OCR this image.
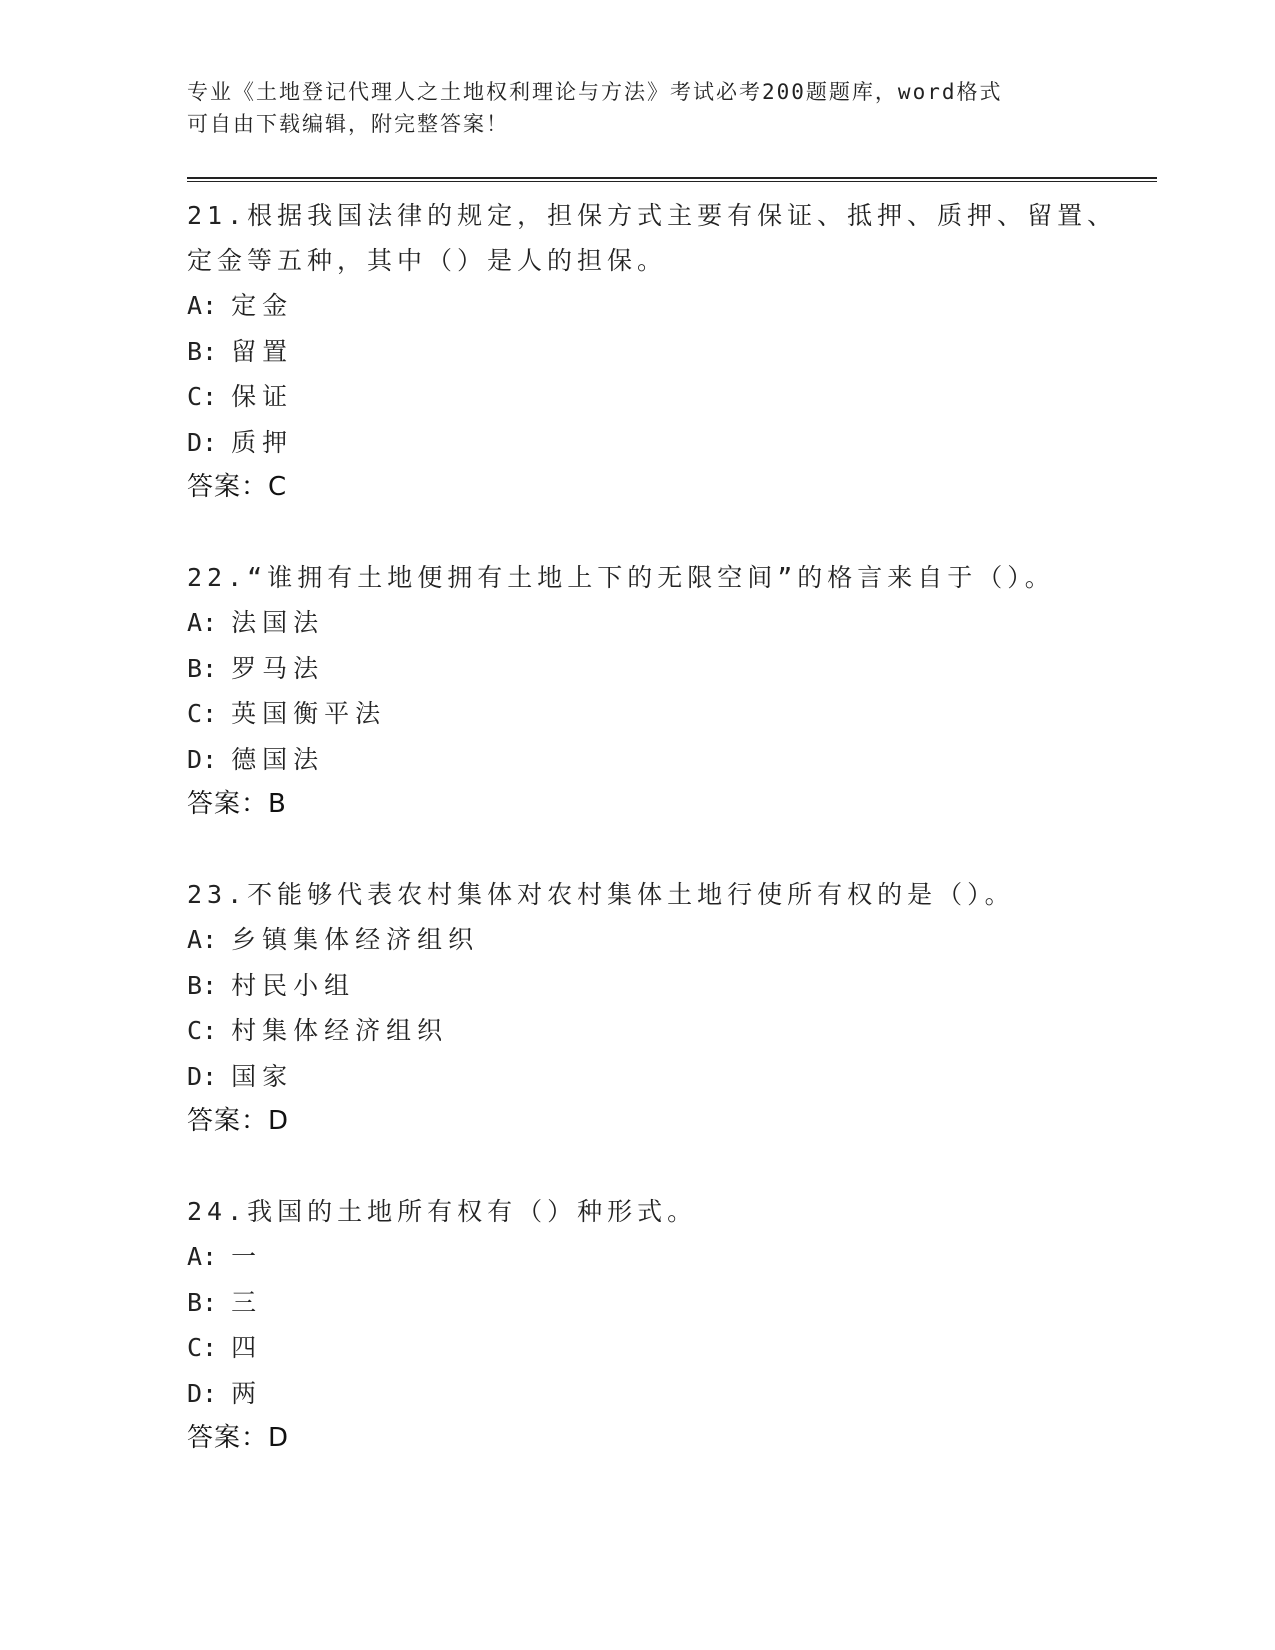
专业《土地登记代理人之土地权利理论与方法》考试必考200题题库，word格式
可自由下载编辑，附完整答案！
21.根据我国法律的规定，担保方式主要有保证、抵押、质押、留置、
定金等五种，其中（）是人的担保。
A: 定金
B: 留置
C: 保证
D: 质押
答案：C
22.“谁拥有土地便拥有土地上下的无限空间”的格言来自于（）。
A: 法国法
B: 罗马法
C: 英国衡平法
D: 德国法
答案：B
23.不能够代表农村集体对农村集体土地行使所有权的是（）。
A: 乡镇集体经济组织
B: 村民小组
C: 村集体经济组织
D: 国家
答案：D
24.我国的土地所有权有（）种形式。
A: 一
B: 三
C: 四
D: 两
答案：D
